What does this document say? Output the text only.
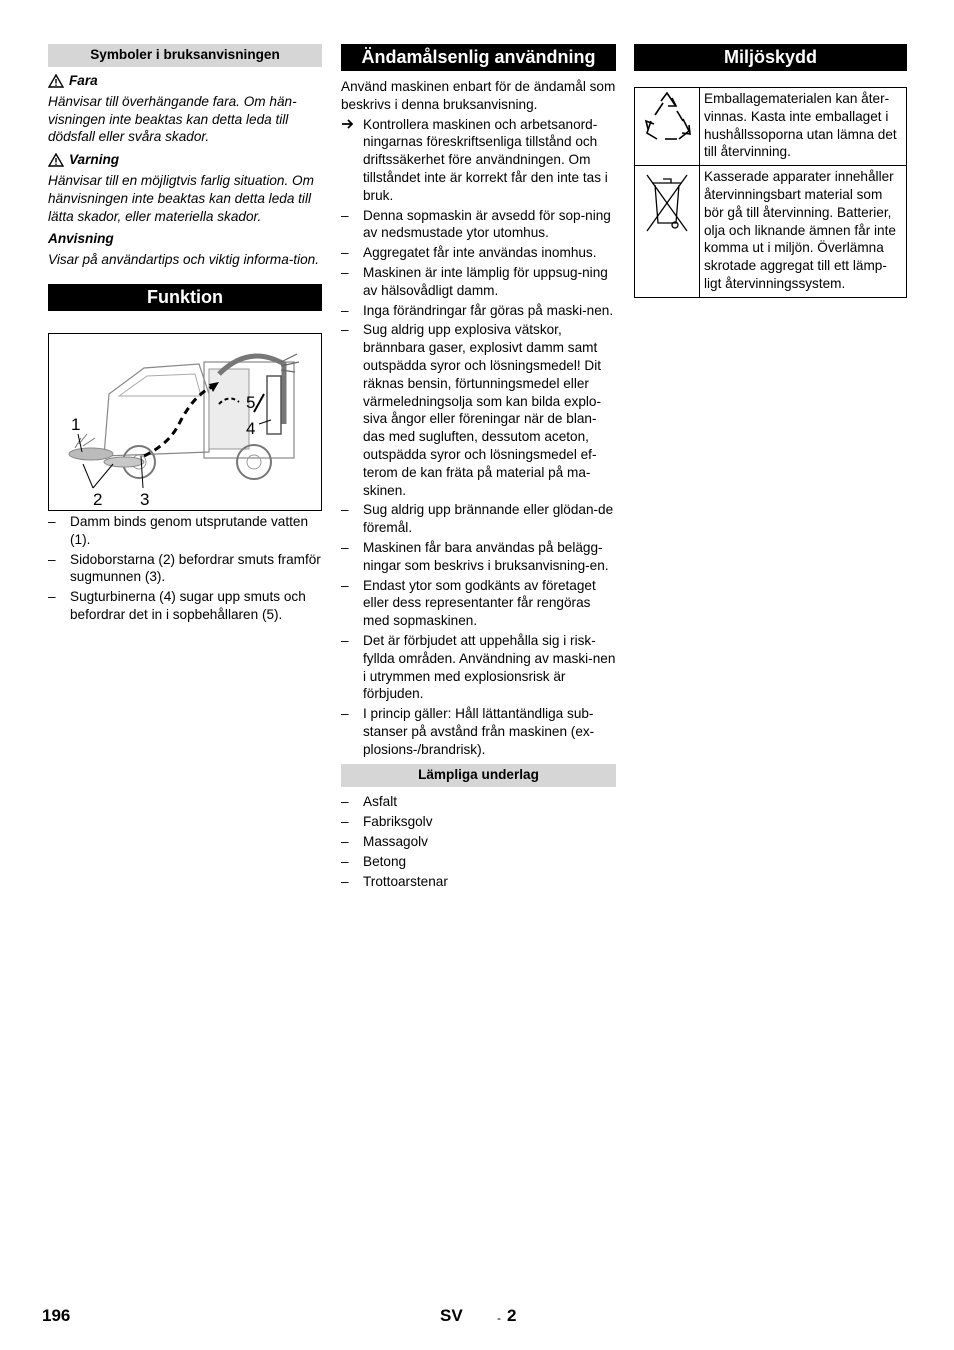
Symboler i bruksanvisningen
Fara

Hänvisar till överhängande fara. Om hän-visningen inte beaktas kan detta leda till dödsfall eller svåra skador.

Varning

Hänvisar till en möjligtvis farlig situation. Om hänvisningen inte beaktas kan detta leda till lätta skador, eller materiella skador.

Anvisning

Visar på användartips och viktig informa-tion.

Funktion
1
2 3
4
5
– Damm binds genom utsprutande vatten (1).
– Sidoborstarna (2) befordrar smuts framför sugmunnen (3).
– Sugturbinerna (4) sugar upp smuts och befordrar det in i sopbehållaren (5).
Ändamålsenlig användning

Använd maskinen enbart för de ändamål som beskrivs i denna bruksanvisning.

Kontrollera maskinen och arbetsanord-ningarnas föreskriftsenliga tillstånd och driftssäkerhet före användningen. Om tillståndet inte är korrekt får den inte tas i bruk.
– Denna sopmaskin är avsedd för sop-ning av nedsmustade ytor utomhus.
– Aggregatet får inte användas inomhus.
– Maskinen är inte lämplig för uppsug-ning av hälsovådligt damm.
– Inga förändringar får göras på maski-nen.
– Sug aldrig upp explosiva vätskor, brännbara gaser, explosivt damm samt outspädda syror och lösningsmedel! Dit räknas bensin, förtunningsmedel eller värmeledningsolja som kan bilda explo-siva ångor eller föreningar när de blan-das med sugluften, dessutom aceton, outspädda syror och lösningsmedel ef-terom de kan fräta på material på ma-skinen.
– Sug aldrig upp brännande eller glödan-de föremål.
– Maskinen får bara användas på belägg-ningar som beskrivs i bruksanvisning-en.
– Endast ytor som godkänts av företaget eller dess representanter får rengöras med sopmaskinen.
– Det är förbjudet att uppehålla sig i risk-fyllda områden. Användning av maski-nen i utrymmen med explosionsrisk är förbjuden.
– I princip gäller: Håll lättantändliga sub-stanser på avstånd från maskinen (ex-plosions-/brandrisk).
Lämpliga underlag
– Asfalt
– Fabriksgolv
– Massagolv
– Betong
– Trottoarstenar
Miljöskydd
	Emballagematerialen kan åter-vinnas. Kasta inte emballaget i hushållssoporna utan lämna det till återvinning.
	Kasserade apparater innehåller återvinningsbart material som bör gå till återvinning. Batterier, olja och liknande ämnen får inte komma ut i miljön. Överlämna skrotade aggregat till ett lämp-ligt återvinningssystem.
196	SV	- 2
